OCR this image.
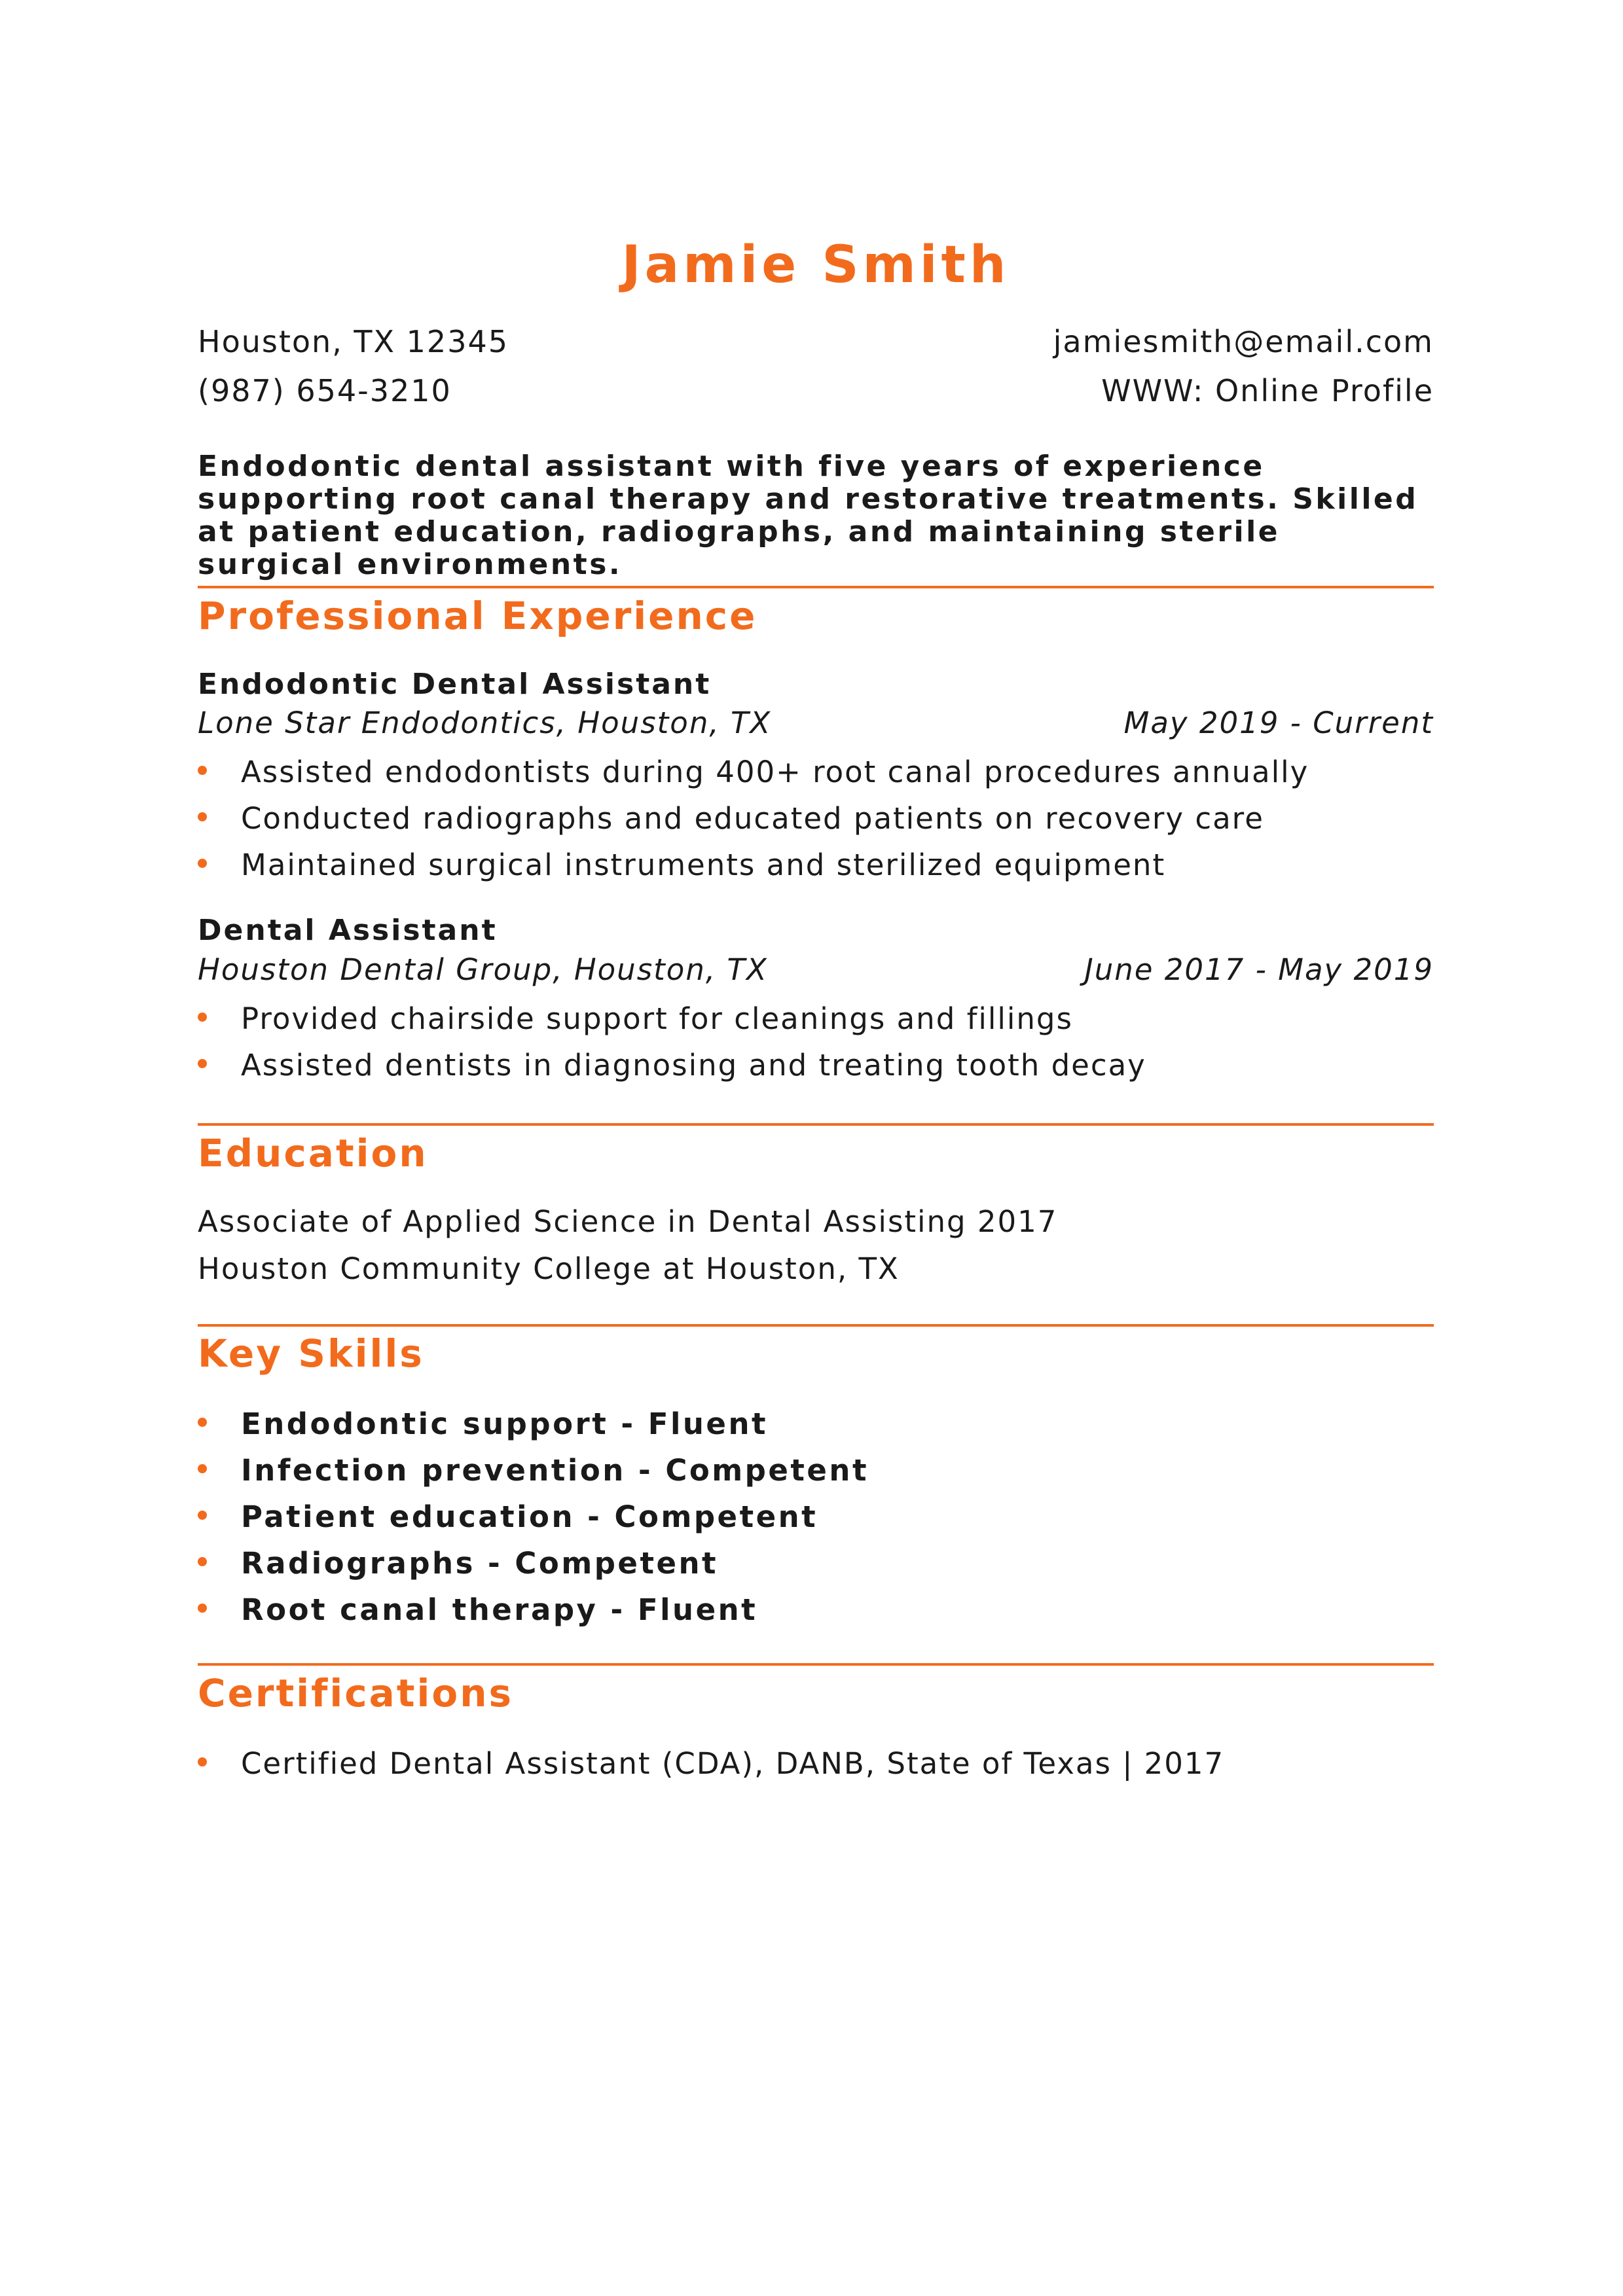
Jamie Smith
Houston, TX 12345	jamiesmith@email.com
(987) 654-3210	WWW: Online Profile
Endodontic dental assistant with five years of experience supporting root canal therapy and restorative treatments. Skilled at patient education, radiographs, and maintaining sterile surgical environments.
Professional Experience
Endodontic Dental Assistant
Lone Star Endodontics, Houston, TX	May 2019 - Current
Assisted endodontists during 400+ root canal procedures annually
Conducted radiographs and educated patients on recovery care
Maintained surgical instruments and sterilized equipment
Dental Assistant
Houston Dental Group, Houston, TX	June 2017 - May 2019
Provided chairside support for cleanings and fillings
Assisted dentists in diagnosing and treating tooth decay
Education
Associate of Applied Science in Dental Assisting 2017
Houston Community College at Houston, TX
Key Skills
Endodontic support - Fluent
Infection prevention - Competent
Patient education - Competent
Radiographs - Competent
Root canal therapy - Fluent
Certifications
Certified Dental Assistant (CDA), DANB, State of Texas | 2017
